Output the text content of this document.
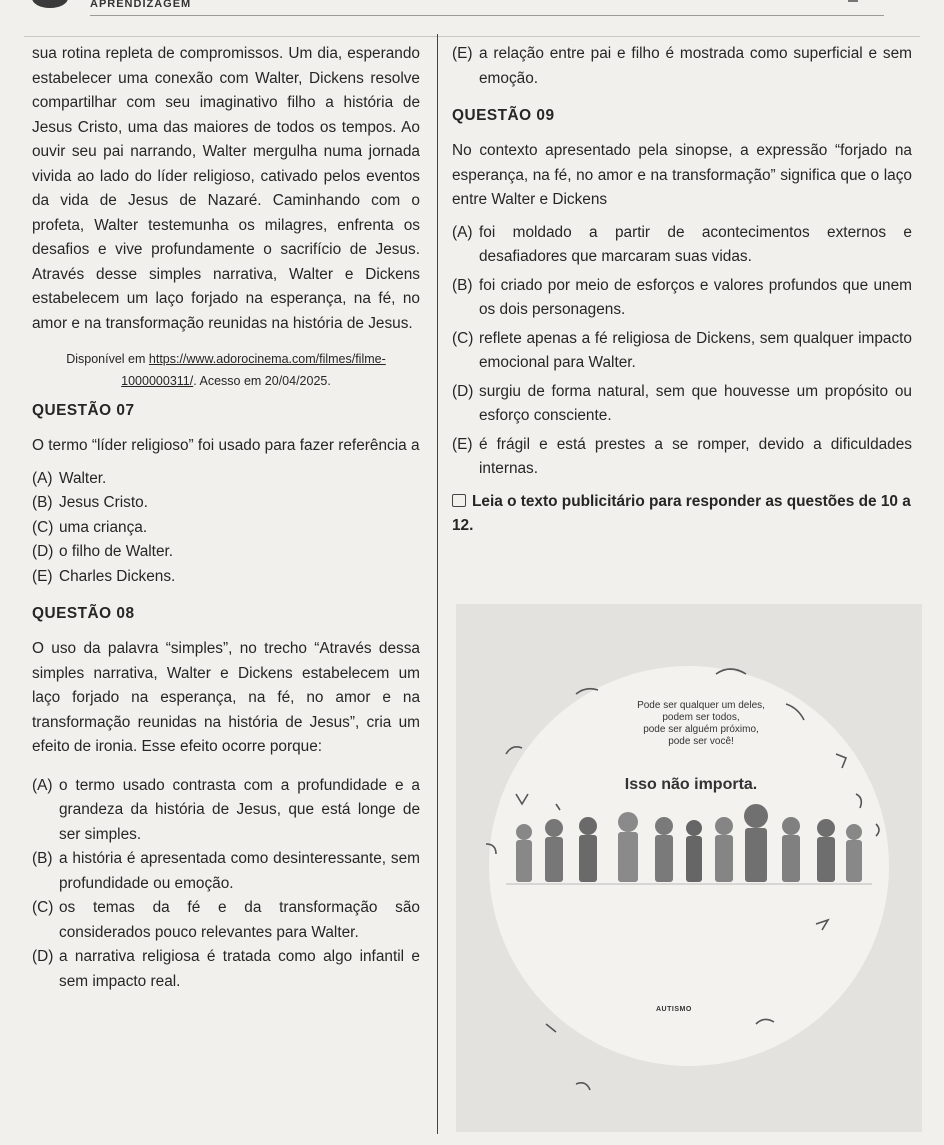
APRENDIZAGEM

sua rotina repleta de compromissos. Um dia, esperando estabelecer uma conexão com Walter, Dickens resolve compartilhar com seu imaginativo filho a história de Jesus Cristo, uma das maiores de todos os tempos. Ao ouvir seu pai narrando, Walter mergulha numa jornada vivida ao lado do líder religioso, cativado pelos eventos da vida de Jesus de Nazaré. Caminhando com o profeta, Walter testemunha os milagres, enfrenta os desafios e vive profundamente o sacrifício de Jesus. Através desse simples narrativa, Walter e Dickens estabelecem um laço forjado na esperança, na fé, no amor e na transformação reunidas na história de Jesus.

Disponível em https://www.adorocinema.com/filmes/filme-1000000311/. Acesso em 20/04/2025.

QUESTÃO 07

O termo “líder religioso” foi usado para fazer referência a

(A) Walter.
(B) Jesus Cristo.
(C) uma criança.
(D) o filho de Walter.
(E) Charles Dickens.
QUESTÃO 08

O uso da palavra “simples”, no trecho “Através dessa simples narrativa, Walter e Dickens estabelecem um laço forjado na esperança, na fé, no amor e na transformação reunidas na história de Jesus”, cria um efeito de ironia. Esse efeito ocorre porque:

(A) o termo usado contrasta com a profundidade e a grandeza da história de Jesus, que está longe de ser simples.
(B) a história é apresentada como desinteressante, sem profundidade ou emoção.
(C) os temas da fé e da transformação são considerados pouco relevantes para Walter.
(D) a narrativa religiosa é tratada como algo infantil e sem impacto real.
(E) a relação entre pai e filho é mostrada como superficial e sem emoção.
QUESTÃO 09

No contexto apresentado pela sinopse, a expressão “forjado na esperança, na fé, no amor e na transformação” significa que o laço entre Walter e Dickens

(A) foi moldado a partir de acontecimentos externos e desafiadores que marcaram suas vidas.
(B) foi criado por meio de esforços e valores profundos que unem os dois personagens.
(C) reflete apenas a fé religiosa de Dickens, sem qualquer impacto emocional para Walter.
(D) surgiu de forma natural, sem que houvesse um propósito ou esforço consciente.
(E) é frágil e está prestes a se romper, devido a dificuldades internas.

Leia o texto publicitário para responder as questões de 10 a 12.

Pode ser qualquer um deles,
podem ser todos,
pode ser alguém próximo,
pode ser você!
Isso não importa.
AUTISMO
